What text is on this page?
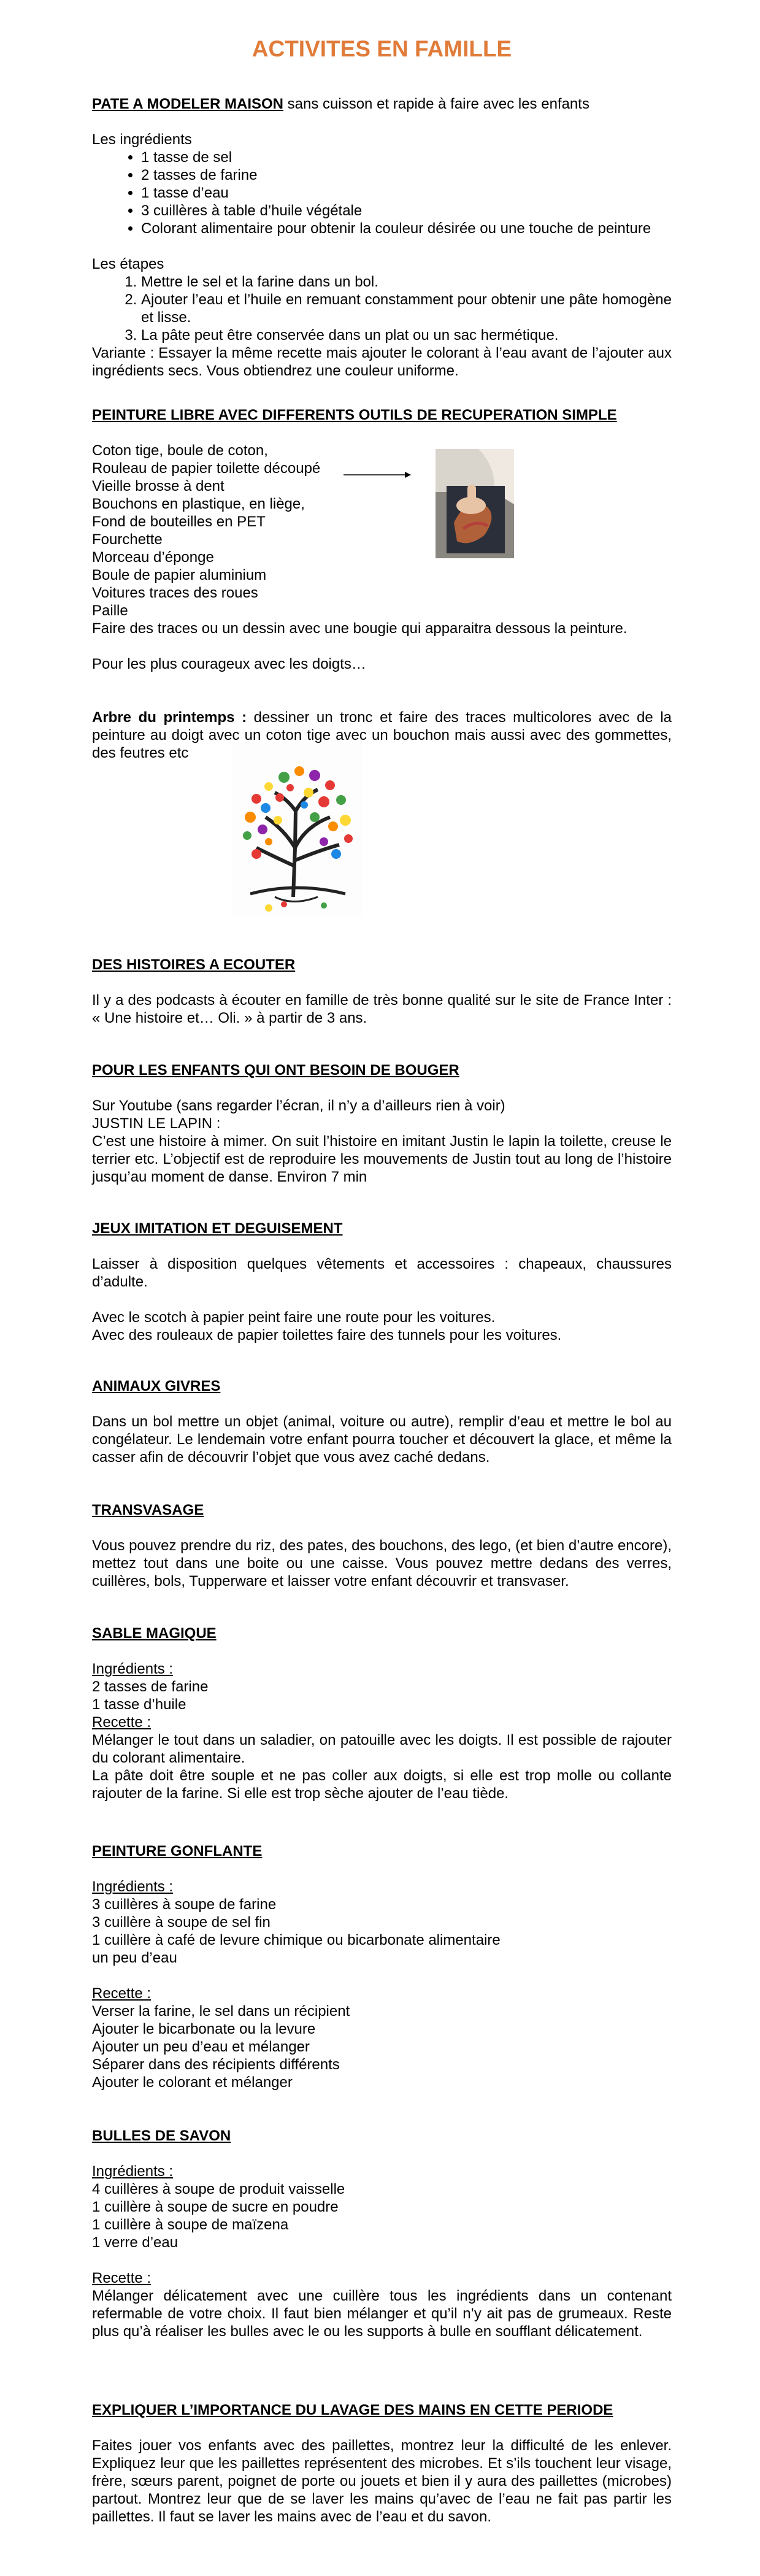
ACTIVITES EN FAMILLE

PATE A MODELER MAISON sans cuisson et rapide à faire avec les enfants

Les ingrédients

• 1 tasse de sel
• 2 tasses de farine
• 1 tasse d’eau
• 3 cuillères à table d’huile végétale
• Colorant alimentaire pour obtenir la couleur désirée ou une touche de peinture

Les étapes

1. Mettre le sel et la farine dans un bol.
2. Ajouter l’eau et l’huile en remuant constamment pour obtenir une pâte homogène et lisse.
3. La pâte peut être conservée dans un plat ou un sac hermétique.

Variante : Essayer la même recette mais ajouter le colorant à l’eau avant de l’ajouter aux ingrédients secs. Vous obtiendrez une couleur uniforme.

PEINTURE LIBRE AVEC DIFFERENTS OUTILS DE RECUPERATION SIMPLE

Coton tige, boule de coton,

Rouleau de papier toilette découpé

Vieille brosse à dent

Bouchons en plastique, en liège,

Fond de bouteilles en PET

Fourchette

Morceau d’éponge

Boule de papier aluminium

Voitures traces des roues

Paille

Faire des traces ou un dessin avec une bougie qui apparaitra dessous la peinture.

Pour les plus courageux avec les doigts…

Arbre du printemps : dessiner un tronc et faire des traces multicolores avec de la peinture au doigt avec un coton tige avec un bouchon mais aussi avec des gommettes, des feutres etc

DES HISTOIRES A ECOUTER

Il y a des podcasts à écouter en famille de très bonne qualité sur le site de France Inter : « Une histoire et… Oli. » à partir de 3 ans.

POUR LES ENFANTS QUI ONT BESOIN DE BOUGER

Sur Youtube (sans regarder l’écran, il n’y a d’ailleurs rien à voir)

JUSTIN LE LAPIN :

C’est une histoire à mimer. On suit l’histoire en imitant Justin le lapin la toilette, creuse le terrier etc. L’objectif est de reproduire les mouvements de Justin tout au long de l’histoire jusqu’au moment de danse. Environ 7 min

JEUX IMITATION ET DEGUISEMENT

Laisser à disposition quelques vêtements et accessoires : chapeaux, chaussures d’adulte.

Avec le scotch à papier peint faire une route pour les voitures.

Avec des rouleaux de papier toilettes faire des tunnels pour les voitures.

ANIMAUX GIVRES

Dans un bol mettre un objet (animal, voiture ou autre), remplir d’eau et mettre le bol au congélateur. Le lendemain votre enfant pourra toucher et découvert la glace, et même la casser afin de découvrir l’objet que vous avez caché dedans.

TRANSVASAGE

Vous pouvez prendre du riz, des pates, des bouchons, des lego, (et bien d’autre encore), mettez tout dans une boite ou une caisse. Vous pouvez mettre dedans des verres, cuillères, bols, Tupperware et laisser votre enfant découvrir et transvaser.

SABLE MAGIQUE

Ingrédients :

2 tasses de farine

1 tasse d’huile

Recette :

Mélanger le tout dans un saladier, on patouille avec les doigts. Il est possible de rajouter du colorant alimentaire.

La pâte doit être souple et ne pas coller aux doigts, si elle est trop molle ou collante rajouter de la farine. Si elle est trop sèche ajouter de l’eau tiède.

PEINTURE GONFLANTE

Ingrédients :

3 cuillères à soupe de farine

3 cuillère à soupe de sel fin

1 cuillère à café de levure chimique ou bicarbonate alimentaire

un peu d’eau

Recette :

Verser la farine, le sel dans un récipient

Ajouter le bicarbonate ou la levure

Ajouter un peu d’eau et mélanger

Séparer dans des récipients différents

Ajouter le colorant et mélanger

BULLES DE SAVON

Ingrédients :

4 cuillères à soupe de produit vaisselle

1 cuillère à soupe de sucre en poudre

1 cuillère à soupe de maïzena

1 verre d’eau

Recette :

Mélanger délicatement avec une cuillère tous les ingrédients dans un contenant refermable de votre choix. Il faut bien mélanger et qu’il n’y ait pas de grumeaux. Reste plus qu’à réaliser les bulles avec le ou les supports à bulle en soufflant délicatement.

EXPLIQUER L’IMPORTANCE DU LAVAGE DES MAINS EN CETTE PERIODE

Faites jouer vos enfants avec des paillettes, montrez leur la difficulté de les enlever. Expliquez leur que les paillettes représentent des microbes. Et s’ils touchent leur visage, frère, sœurs parent, poignet de porte ou jouets et bien il y aura des paillettes (microbes) partout. Montrez leur que de se laver les mains qu’avec de l’eau ne fait pas partir les paillettes. Il faut se laver les mains avec de l’eau et du savon.
